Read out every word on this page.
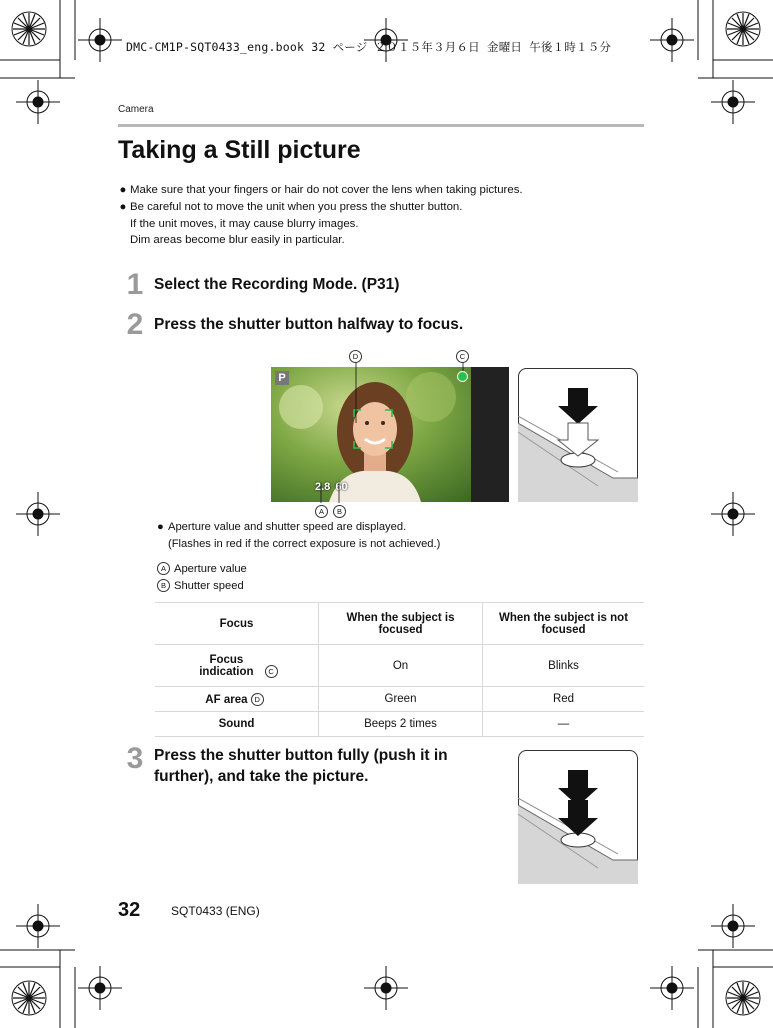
DMC-CM1P-SQT0433_eng.book 32 ページ ２０１５年３月６日 金曜日 午後１時１５分
Camera
Taking a Still picture
● Make sure that your fingers or hair do not cover the lens when taking pictures.
● Be careful not to move the unit when you press the shutter button.
If the unit moves, it may cause blurry images.
Dim areas become blur easily in particular.
1 Select the Recording Mode. (P31)
2 Press the shutter button halfway to focus.
P
2.8 60
D	C
A	B
● Aperture value and shutter speed are displayed.
(Flashes in red if the correct exposure is not achieved.)
A Aperture value
B Shutter speed
Focus	When the subject is focused	When the subject is not focused
Focus indication C	On	Blinks
AF area D	Green	Red
Sound	Beeps 2 times	—
3 Press the shutter button fully (push it in further), and take the picture.
32	SQT0433 (ENG)
